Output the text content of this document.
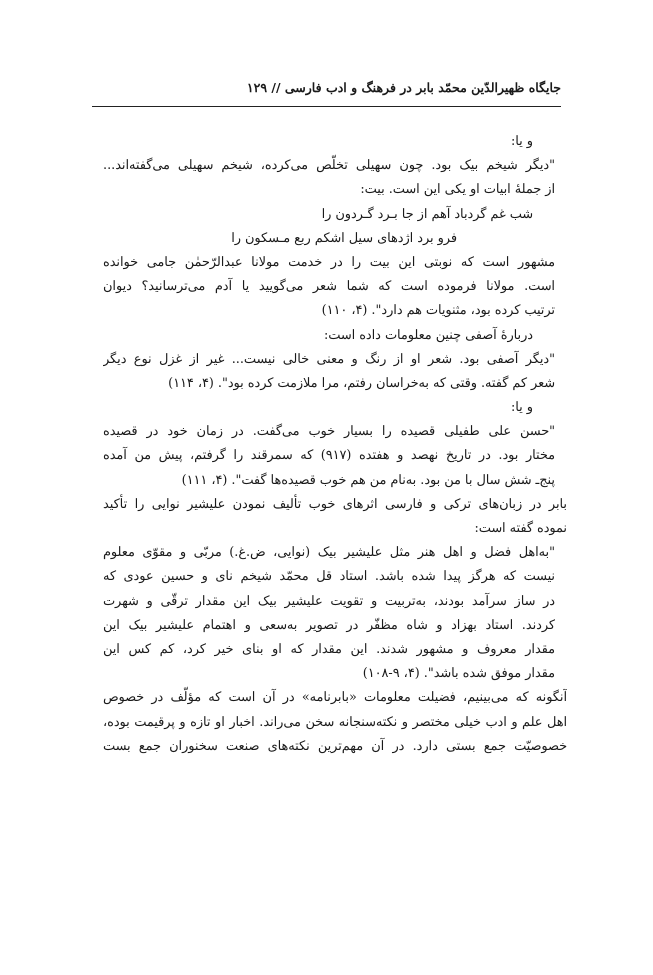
جایگاه ظهیرالدّین محمّد بابر در فرهنگ و ادب فارسی // ۱۲۹
و یا:
"دیگر شیخم بیک بود. چون سهیلی تخلّص می‌کرده، شیخم سهیلی می‌گفته‌اند...
از جملهٔ ابیات او یکی این است. بیت:
شب غم گردباد آهم از جا بـرد گـردون را
فرو برد اژدهای سیل اشکم ربع مـسکون را
مشهور است که نوبتی این بیت را در خدمت مولانا عبدالرّحمٰن جامی خوانده
است. مولانا فرموده است که شما شعر می‌گویید یا آدم می‌ترسانید؟ دیوان
ترتیب کرده بود، مثنویات هم دارد". (۴، ۱۱۰)
دربارهٔ آصفی چنین معلومات داده است:
"دیگر آصفی بود. شعر او از رنگ و معنی خالی نیست... غیر از غزل نوع دیگر
شعر کم گفته. وقتی که به‌خراسان رفتم، مرا ملازمت کرده بود". (۴، ۱۱۴)
و یا:
"حسن علی طفیلی قصیده را بسیار خوب می‌گفت. در زمان خود در قصیده
مختار بود. در تاریخ نهصد و هفتده (۹۱۷) که سمرقند را گرفتم، پیش من آمده
پنج‌ـ شش سال با من بود. به‌نام من هم خوب قصیده‌ها گفت". (۴، ۱۱۱)
بابر در زبان‌های ترکی و فارسی اثرهای خوب تألیف نمودن علیشیر نوایی را تأکید
نموده گفته است:
"به‌اهل فضل و اهل هنر مثل علیشیر بیک (نوایی، ض.غ.) مربّی و مقوّی معلوم
نیست که هرگز پیدا شده باشد. استاد قل محمّد شیخم نای و حسین عودی که
در ساز سرآمد بودند، به‌تربیت و تقویت علیشیر بیک این مقدار ترقّی و شهرت
کردند. استاد بهزاد و شاه مظفّر در تصویر به‌سعی و اهتمام علیشیر بیک این
مقدار معروف و مشهور شدند. این مقدار که او بنای خیر کرد، کم کس این
مقدار موفق شده باشد". (۴، ۹-۱۰۸)
آنگونه که می‌بینیم، فضیلت معلومات «بابرنامه» در آن است که مؤلّف در خصوص
اهل علم و ادب خیلی مختصر و نکته‌سنجانه سخن می‌راند. اخبار او تازه و پرقیمت بوده،
خصوصیّت جمع بستی دارد. در آن مهم‌ترین نکته‌های صنعت سخنوران جمع بست
